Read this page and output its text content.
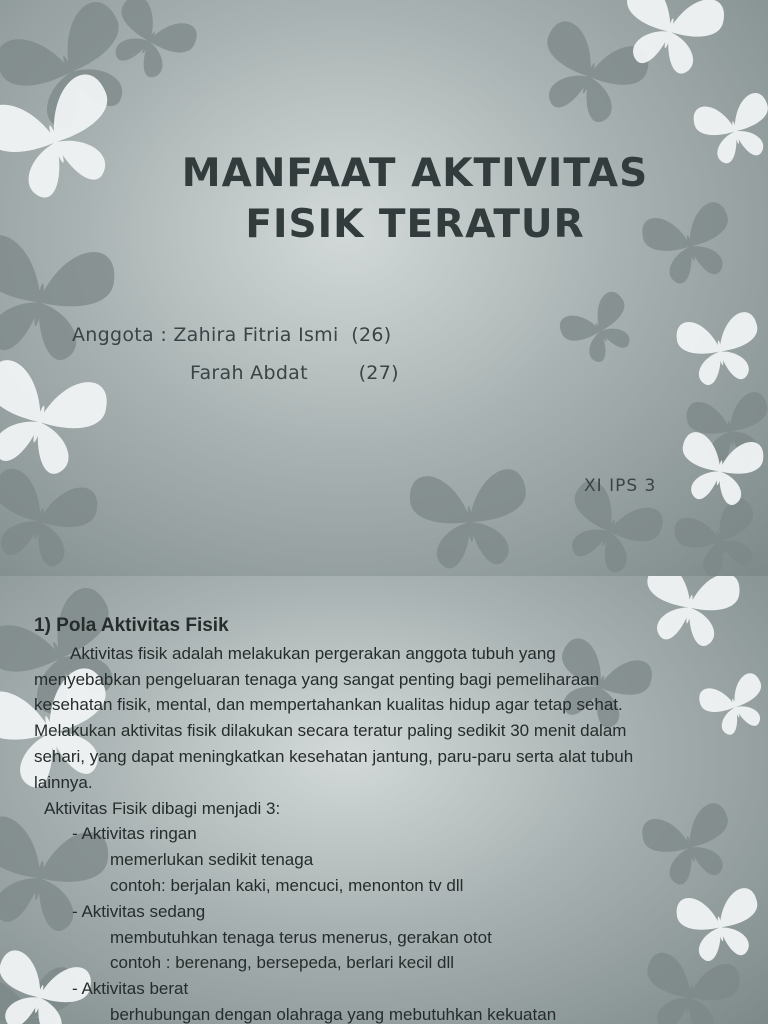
MANFAAT AKTIVITAS
FISIK TERATUR
Anggota : Zahira Fitria Ismi  (26)
Farah Abdat        (27)
XI IPS 3
1) Pola Aktivitas Fisik
Aktivitas fisik adalah melakukan pergerakan anggota tubuh yang
menyebabkan pengeluaran tenaga yang sangat penting bagi pemeliharaan
kesehatan fisik, mental, dan mempertahankan kualitas hidup agar tetap sehat.
Melakukan aktivitas fisik dilakukan secara teratur paling sedikit 30 menit dalam
sehari, yang dapat meningkatkan kesehatan jantung, paru-paru serta alat tubuh
lainnya.
Aktivitas Fisik dibagi menjadi 3:
- Aktivitas ringan
memerlukan sedikit tenaga
contoh: berjalan kaki, mencuci, menonton tv dll
- Aktivitas sedang
membutuhkan tenaga terus menerus, gerakan otot
contoh : berenang, bersepeda, berlari kecil dll
- Aktivitas berat
berhubungan dengan olahraga yang mebutuhkan kekuatan
